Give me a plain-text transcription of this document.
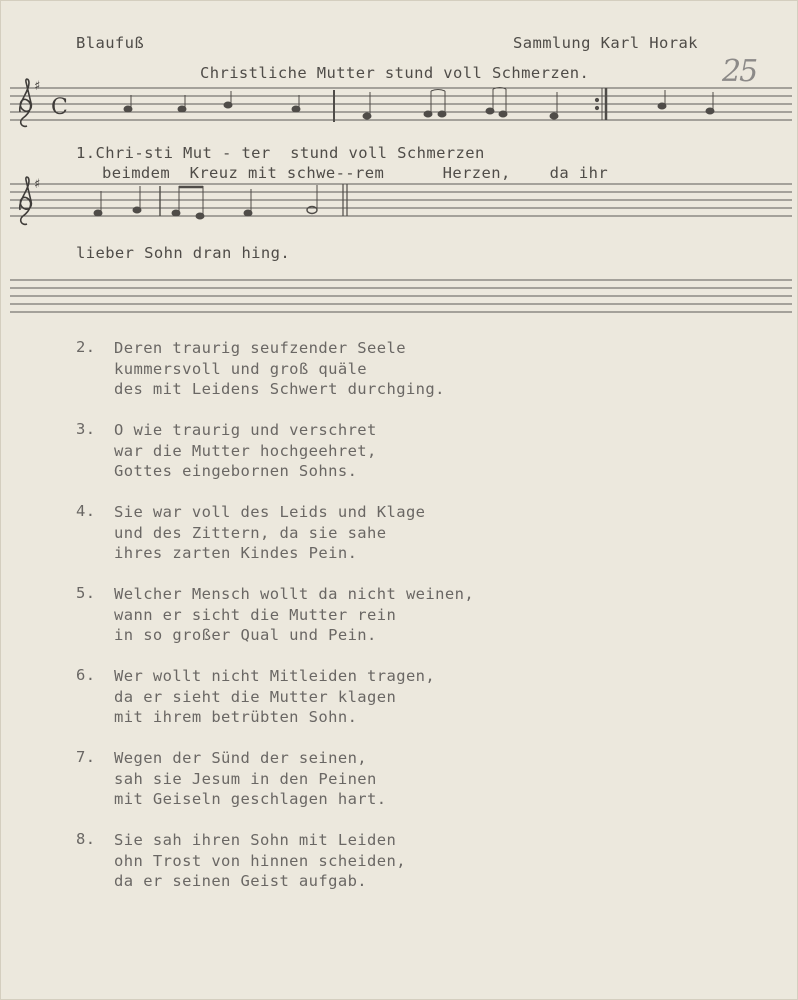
Blaufuß	Sammlung Karl Horak
Christliche Mutter stund voll Schmerzen.	25
♯
C
1.Chri-sti Mut - ter  stund voll Schmerzen
beimdem  Kreuz mit schwe--rem      Herzen,    da ihr
♯
lieber Sohn dran hing.
2. Deren traurig seufzender Seele
kummersvoll und groß quäle
des mit Leidens Schwert durchging.
3. O wie traurig und verschret
war die Mutter hochgeehret,
Gottes eingebornen Sohns.
4. Sie war voll des Leids und Klage
und des Zittern, da sie sahe
ihres zarten Kindes Pein.
5. Welcher Mensch wollt da nicht weinen,
wann er sicht die Mutter rein
in so großer Qual und Pein.
6. Wer wollt nicht Mitleiden tragen,
da er sieht die Mutter klagen
mit ihrem betrübten Sohn.
7. Wegen der Sünd der seinen,
sah sie Jesum in den Peinen
mit Geiseln geschlagen hart.
8. Sie sah ihren Sohn mit Leiden
ohn Trost von hinnen scheiden,
da er seinen Geist aufgab.
